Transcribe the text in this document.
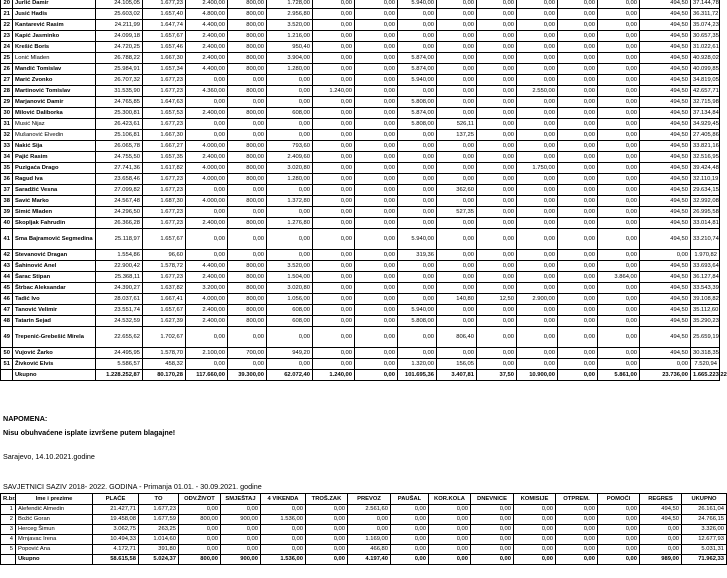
20	Jurlić Damir	24.105,05	1.677,23	2.400,00	800,00	1.728,00	0,00	0,00	5.940,00	0,00	0,00	0,00	0,00	0,00	494,50	37.144,78
21	Jusić Hadis	25.603,02	1.657,40	4.800,00	800,00	2.956,80	0,00	0,00	0,00	0,00	0,00	0,00	0,00	0,00	494,50	36.311,72
22	Kantarević Rasim	24.211,99	1.647,74	4.400,00	800,00	3.520,00	0,00	0,00	0,00	0,00	0,00	0,00	0,00	0,00	494,50	35.074,23
23	Kapić Jasminko	24.099,18	1.657,67	2.400,00	800,00	1.216,00	0,00	0,00	0,00	0,00	0,00	0,00	0,00	0,00	494,50	30.657,35
24	Krešić Boris	24.720,25	1.657,46	2.400,00	800,00	950,40	0,00	0,00	0,00	0,00	0,00	0,00	0,00	0,00	494,50	31.022,61
25	Lonić Mladen	26.788,22	1.667,30	2.400,00	800,00	3.904,00	0,00	0,00	5.874,00	0,00	0,00	0,00	0,00	0,00	494,50	40.928,02
26	Mandić Tomislav	25.984,91	1.657,34	4.400,00	800,00	1.280,00	0,00	0,00	5.874,00	0,00	0,00	0,00	0,00	0,00	494,50	40.099,85
27	Marić Zvonko	26.707,32	1.677,23	0,00	0,00	0,00	0,00	0,00	5.940,00	0,00	0,00	0,00	0,00	0,00	494,50	34.819,05
28	Martinović Tomislav	31.535,90	1.677,23	4.360,00	800,00	0,00	1.240,00	0,00	0,00	0,00	0,00	2.550,00	0,00	0,00	494,50	42.657,71
29	Marjanović Damir	24.765,85	1.647,63	0,00	0,00	0,00	0,00	0,00	5.808,00	0,00	0,00	0,00	0,00	0,00	494,50	32.715,98
30	Milović Daliborka	25.300,81	1.657,53	2.400,00	800,00	608,00	0,00	0,00	5.874,00	0,00	0,00	0,00	0,00	0,00	494,50	37.134,84
31	Musić Nijaz	26.423,61	1.677,23	0,00	0,00	0,00	0,00	0,00	5.808,00	526,11	0,00	0,00	0,00	0,00	494,50	34.929,45
32	Mušanović Elvedin	25.106,81	1.667,30	0,00	0,00	0,00	0,00	0,00	0,00	137,25	0,00	0,00	0,00	0,00	494,50	27.405,86
33	Nakić Sija	26.065,78	1.667,27	4.000,00	800,00	793,60	0,00	0,00	0,00	0,00	0,00	0,00	0,00	0,00	494,50	33.821,16
34	Pajić Rasim	24.755,50	1.657,35	2.400,00	800,00	2.409,60	0,00	0,00	0,00	0,00	0,00	0,00	0,00	0,00	494,50	32.516,95
35	Puzigaća Drago	27.741,36	1.617,82	4.000,00	800,00	3.020,80	0,00	0,00	0,00	0,00	0,00	1.750,00	0,00	0,00	494,50	39.424,48
36	Ragud Iva	23.658,46	1.677,23	4.000,00	800,00	1.280,00	0,00	0,00	0,00	0,00	0,00	0,00	0,00	0,00	494,50	32.110,19
37	Saradžić Vesna	27.099,82	1.677,23	0,00	0,00	0,00	0,00	0,00	0,00	362,60	0,00	0,00	0,00	0,00	494,50	29.634,15
38	Savić Marko	24.567,48	1.687,30	4.000,00	800,00	1.372,80	0,00	0,00	0,00	0,00	0,00	0,00	0,00	0,00	494,50	32.992,08
39	Simić Mladen	24.296,50	1.677,23	0,00	0,00	0,00	0,00	0,00	0,00	527,35	0,00	0,00	0,00	0,00	494,50	26.995,58
40	Skopljak Fahrudin	26.366,28	1.677,23	2.400,00	800,00	1.276,80	0,00	0,00	0,00	0,00	0,00	0,00	0,00	0,00	494,50	33.014,81
41	Sma Bajramović Segmedina	25.118,97	1.657,67	0,00	0,00	0,00	0,00	0,00	5.940,00	0,00	0,00	0,00	0,00	0,00	494,50	33.210,74
42	Stevanović Dragan	1.554,86	96,60	0,00	0,00	0,00	0,00	0,00	319,36	0,00	0,00	0,00	0,00	0,00	0,00	1.970,82
43	Šahinović Anel	22.900,42	1.578,72	4.400,00	800,00	3.520,00	0,00	0,00	0,00	0,00	0,00	0,00	0,00	0,00	494,50	33.693,64
44	Šarac Stipan	25.368,11	1.677,23	2.400,00	800,00	1.504,00	0,00	0,00	0,00	0,00	0,00	0,00	0,00	3.864,00	494,50	36.127,84
45	Štrbac Aleksandar	24.390,27	1.637,82	3.200,00	800,00	3.020,80	0,00	0,00	0,00	0,00	0,00	0,00	0,00	0,00	494,50	33.543,39
46	Tadić Ivo	28.037,61	1.667,41	4.000,00	800,00	1.056,00	0,00	0,00	0,00	140,80	12,50	2.900,00	0,00	0,00	494,50	39.108,82
47	Tanović Velimir	23.551,74	1.657,67	2.400,00	800,00	608,00	0,00	0,00	5.940,00	0,00	0,00	0,00	0,00	0,00	494,50	35.112,60
48	Tatarin Sejad	24.532,59	1.627,39	2.400,00	800,00	608,00	0,00	0,00	5.808,00	0,00	0,00	0,00	0,00	0,00	494,50	35.290,23
49	Trepenić-Grebešić Mirela	22.655,62	1.702,67	0,00	0,00	0,00	0,00	0,00	0,00	806,40	0,00	0,00	0,00	0,00	494,50	25.659,19
50	Vujović Žarko	24.495,95	1.578,70	2.100,00	700,00	949,20	0,00	0,00	0,00	0,00	0,00	0,00	0,00	0,00	494,50	30.318,35
51	Živković Elvis	5.586,57	458,32	0,00	0,00	0,00	0,00	0,00	1.320,00	156,05	0,00	0,00	0,00	0,00	0,00	7.520,94
	Ukupno	1.228.252,87	80.170,28	117.660,00	39.300,00	62.072,40	1.240,00	0,00	101.695,36	3.407,81	37,50	10.900,00	0,00	5.861,00	23.736,00	1.665.223,22
NAPOMENA:
Nisu obuhvaćene isplate izvršene putem blagajne!
Sarajevo, 14.10.2021.godine
SAVJETNICI SAZIV 2018- 2022. GODINA - Primanja 01.01. - 30.09.2021. godine
R.br.	Ime i prezime	PLAĆE	TO	ODV.ŽIVOT	SMJEŠTAJ	4 VIKENDA	TROŠ.ZAK	PREVOZ	PAUŠAL	KOR.KOLA	DNEVNICE	KOMISIJE	OTPREM.	POMOĆI	REGRES	UKUPNO
1	Alefendić Almedin	21.427,71	1.677,23	0,00	0,00	0,00	0,00	2.561,60	0,00	0,00	0,00	0,00	0,00	0,00	494,50	26.161,04
2	Božić Goran	19.458,08	1.677,59	800,00	900,00	1.536,00	0,00	0,00	0,00	0,00	0,00	0,00	0,00	0,00	494,50	24.766,15
3	Herceg Šimun	3.062,75	263,25	0,00	0,00	0,00	0,00	0,00	0,00	0,00	0,00	0,00	0,00	0,00	0,00	3.326,00
4	Mrnjavac Irena	10.494,33	1.014,60	0,00	0,00	0,00	0,00	1.169,00	0,00	0,00	0,00	0,00	0,00	0,00	0,00	12.677,93
5	Popović Ana	4.172,71	391,80	0,00	0,00	0,00	0,00	466,80	0,00	0,00	0,00	0,00	0,00	0,00	0,00	5.031,31
	Ukupno	58.615,58	5.024,37	800,00	900,00	1.536,00	0,00	4.197,40	0,00	0,00	0,00	0,00	0,00	0,00	989,00	71.962,33
